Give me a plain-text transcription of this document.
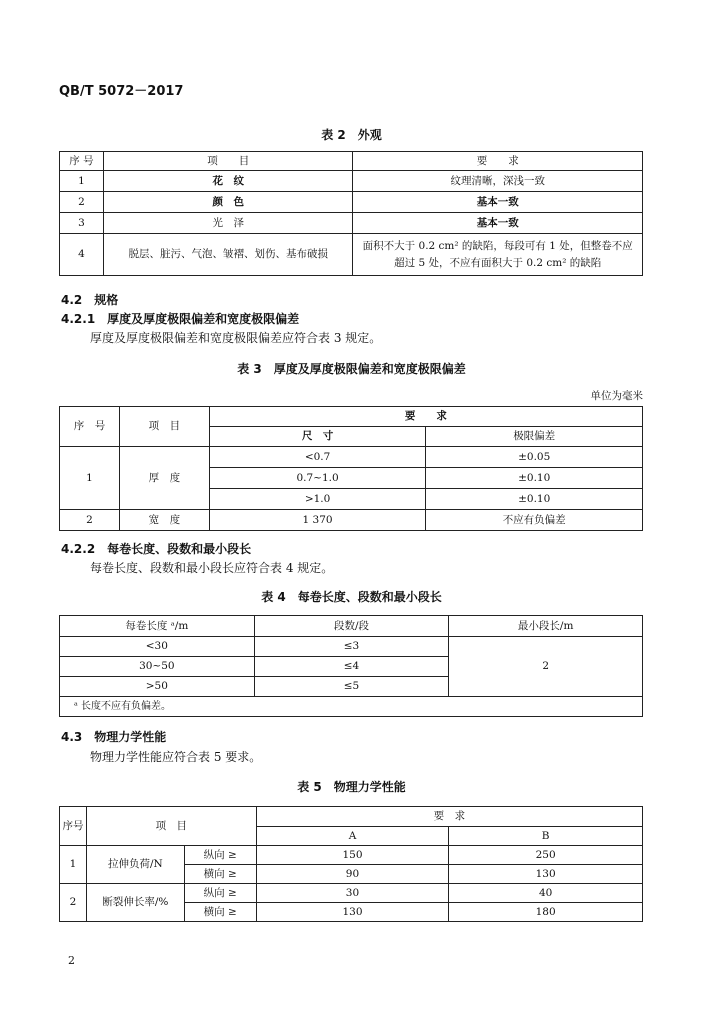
QB/T 5072－2017
表 2　外观
序 号	项　　目	要　　求
1	花　纹	纹理清晰，深浅一致
2	颜　色	基本一致
3	光　泽	基本一致
4	脱层、脏污、气泡、皱褶、划伤、基布破损	面积不大于 0.2 cm² 的缺陷，每段可有 1 处，但整卷不应超过 5 处，不应有面积大于 0.2 cm² 的缺陷
4.2　规格
4.2.1　厚度及厚度极限偏差和宽度极限偏差
厚度及厚度极限偏差和宽度极限偏差应符合表 3 规定。
表 3　厚度及厚度极限偏差和宽度极限偏差
单位为毫米
序　号	项　目	要　　求	
		尺　寸	极限偏差
1	厚　度	<0.7	±0.05
		0.7~1.0	±0.10
		>1.0	±0.10
2	宽　度	1 370	不应有负偏差
4.2.2　每卷长度、段数和最小段长
每卷长度、段数和最小段长应符合表 4 规定。
表 4　每卷长度、段数和最小段长
每卷长度 ᵃ/m	段数/段	最小段长/m
<30	≤3	2
30~50	≤4	
>50	≤5	
ᵃ 长度不应有负偏差。		
4.3　物理力学性能
物理力学性能应符合表 5 要求。
表 5　物理力学性能
序号	项　目		要　求	
			A	B
1	拉伸负荷/N	纵向 ≥	150	250
		横向 ≥	90	130
2	断裂伸长率/%	纵向 ≥	30	40
		横向 ≥	130	180
2
